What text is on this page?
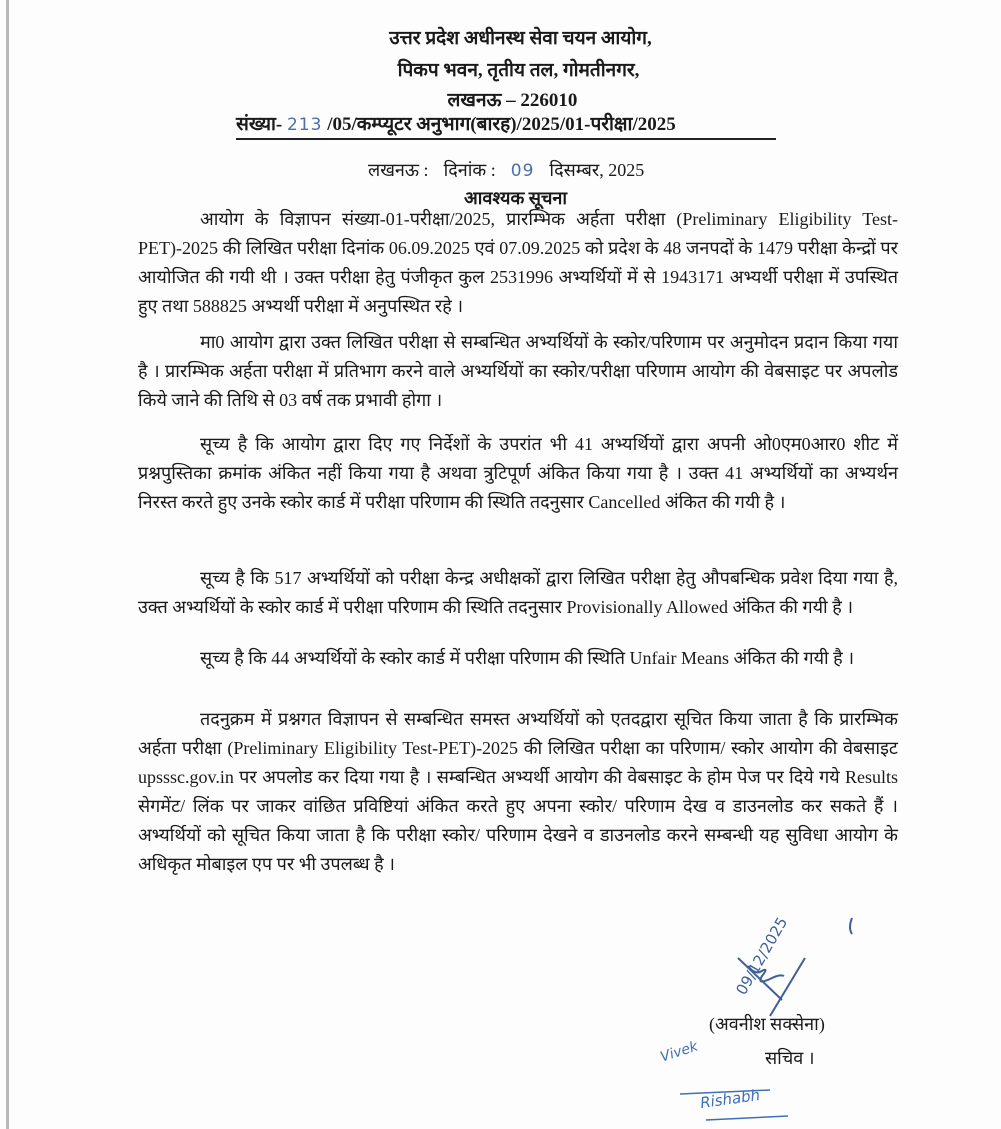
उत्तर प्रदेश अधीनस्थ सेवा चयन आयोग,
पिकप भवन, तृतीय तल, गोमतीनगर,
लखनऊ – 226010
संख्या- 213 /05/कम्प्यूटर अनुभाग(बारह)/2025/01-परीक्षा/2025
लखनऊ : दिनांक : 09 दिसम्बर, 2025
आवश्यक सूचना

आयोग के विज्ञापन संख्या-01-परीक्षा/2025, प्रारम्भिक अर्हता परीक्षा (Preliminary Eligibility Test-PET)-2025 की लिखित परीक्षा दिनांक 06.09.2025 एवं 07.09.2025 को प्रदेश के 48 जनपदों के 1479 परीक्षा केन्द्रों पर आयोजित की गयी थी । उक्त परीक्षा हेतु पंजीकृत कुल 2531996 अभ्यर्थियों में से 1943171 अभ्यर्थी परीक्षा में उपस्थित हुए तथा 588825 अभ्यर्थी परीक्षा में अनुपस्थित रहे ।

मा0 आयोग द्वारा उक्त लिखित परीक्षा से सम्बन्धित अभ्यर्थियों के स्कोर/परिणाम पर अनुमोदन प्रदान किया गया है । प्रारम्भिक अर्हता परीक्षा में प्रतिभाग करने वाले अभ्यर्थियों का स्कोर/परीक्षा परिणाम आयोग की वेबसाइट पर अपलोड किये जाने की तिथि से 03 वर्ष तक प्रभावी होगा ।

सूच्य है कि आयोग द्वारा दिए गए निर्देशों के उपरांत भी 41 अभ्यर्थियों द्वारा अपनी ओ0एम0आर0 शीट में प्रश्नपुस्तिका क्रमांक अंकित नहीं किया गया है अथवा त्रुटिपूर्ण अंकित किया गया है । उक्त 41 अभ्यर्थियों का अभ्यर्थन निरस्त करते हुए उनके स्कोर कार्ड में परीक्षा परिणाम की स्थिति तदनुसार Cancelled अंकित की गयी है ।

सूच्य है कि 517 अभ्यर्थियों को परीक्षा केन्द्र अधीक्षकों द्वारा लिखित परीक्षा हेतु औपबन्धिक प्रवेश दिया गया है, उक्त अभ्यर्थियों के स्कोर कार्ड में परीक्षा परिणाम की स्थिति तदनुसार Provisionally Allowed अंकित की गयी है ।

सूच्य है कि 44 अभ्यर्थियों के स्कोर कार्ड में परीक्षा परिणाम की स्थिति Unfair Means अंकित की गयी है ।

तदनुक्रम में प्रश्नगत विज्ञापन से सम्बन्धित समस्त अभ्यर्थियों को एतदद्वारा सूचित किया जाता है कि प्रारम्भिक अर्हता परीक्षा (Preliminary Eligibility Test-PET)-2025 की लिखित परीक्षा का परिणाम/ स्कोर आयोग की वेबसाइट upsssc.gov.in पर अपलोड कर दिया गया है । सम्बन्धित अभ्यर्थी आयोग की वेबसाइट के होम पेज पर दिये गये Results सेगमेंट/ लिंक पर जाकर वांछित प्रविष्टियां अंकित करते हुए अपना स्कोर/ परिणाम देख व डाउनलोड कर सकते हैं । अभ्यर्थियों को सूचित किया जाता है कि परीक्षा स्कोर/ परिणाम देखने व डाउनलोड करने सम्बन्धी यह सुविधा आयोग के अधिकृत मोबाइल एप पर भी उपलब्ध है ।

09/12/2025
(अवनीश सक्सेना)
सचिव ।
Vivek
Rishabh
